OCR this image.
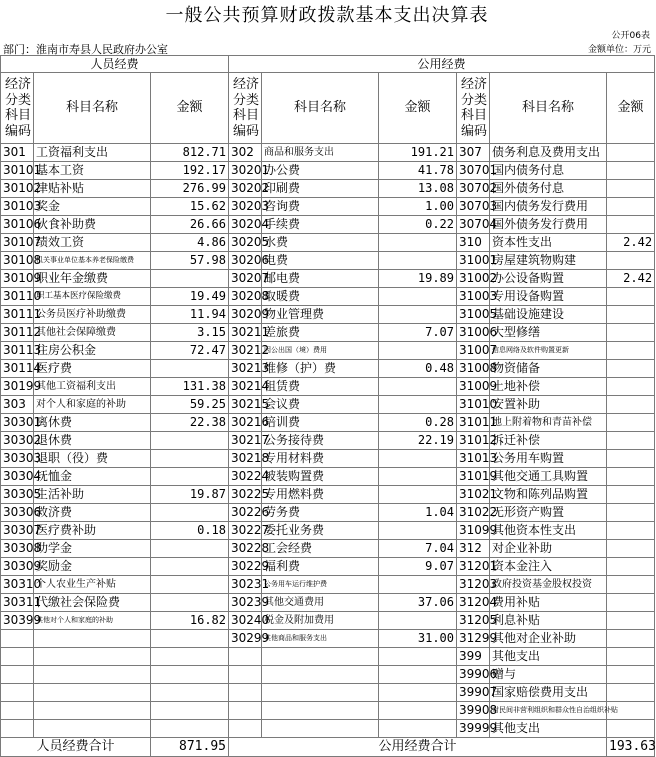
一般公共预算财政拨款基本支出决算表
公开06表
部门：淮南市寿县人民政府办公室	金额单位：万元
人员经费			公用经费					
经济
分类
科目
编码	科目名称	金额	经济
分类
科目
编码	科目名称	金额	经济
分类
科目
编码	科目名称	金额
301	工资福利支出	812.71	302	商品和服务支出	191.21	307	债务利息及费用支出	
30101	基本工资	192.17	30201	办公费	41.78	30701	国内债务付息	
30102	津贴补贴	276.99	30202	印刷费	13.08	30702	国外债务付息	
30103	奖金	15.62	30203	咨询费	1.00	30703	国内债务发行费用	
30106	伙食补助费	26.66	30204	手续费	0.22	30704	国外债务发行费用	
30107	绩效工资	4.86	30205	水费		310	资本性支出	2.42
30108	机关事业单位基本养老保险缴费	57.98	30206	电费		31001	房屋建筑物购建	
30109	职业年金缴费		30207	邮电费	19.89	31002	办公设备购置	2.42
30110	职工基本医疗保险缴费	19.49	30208	取暖费		31003	专用设备购置	
30111	公务员医疗补助缴费	11.94	30209	物业管理费		31005	基础设施建设	
30112	其他社会保障缴费	3.15	30211	差旅费	7.07	31006	大型修缮	
30113	住房公积金	72.47	30212	因公出国（境）费用		31007	信息网络及软件购置更新	
30114	医疗费		30213	维修（护）费	0.48	31008	物资储备	
30199	其他工资福利支出	131.38	30214	租赁费		31009	土地补偿	
303	对个人和家庭的补助	59.25	30215	会议费		31010	安置补助	
30301	离休费	22.38	30216	培训费	0.28	31011	地上附着物和青苗补偿	
30302	退休费		30217	公务接待费	22.19	31012	拆迁补偿	
30303	退职（役）费		30218	专用材料费		31013	公务用车购置	
30304	抚恤金		30224	被装购置费		31019	其他交通工具购置	
30305	生活补助	19.87	30225	专用燃料费		31021	文物和陈列品购置	
30306	救济费		30226	劳务费	1.04	31022	无形资产购置	
30307	医疗费补助	0.18	30227	委托业务费		31099	其他资本性支出	
30308	助学金		30228	工会经费	7.04	312	对企业补助	
30309	奖励金		30229	福利费	9.07	31201	资本金注入	
30310	个人农业生产补贴		30231	公务用车运行维护费		31203	政府投资基金股权投资	
30311	代缴社会保险费		30239	其他交通费用	37.06	31204	费用补贴	
30399	其他对个人和家庭的补助	16.82	30240	税金及附加费用		31205	利息补贴	
			30299	其他商品和服务支出	31.00	31299	其他对企业补助	
						399	其他支出	
						39906	赠与	
						39907	国家赔偿费用支出	
						39908	对民间非营利组织和群众性自治组织补贴	
						39999	其他支出	
人员经费合计		871.95	公用经费合计					193.63
